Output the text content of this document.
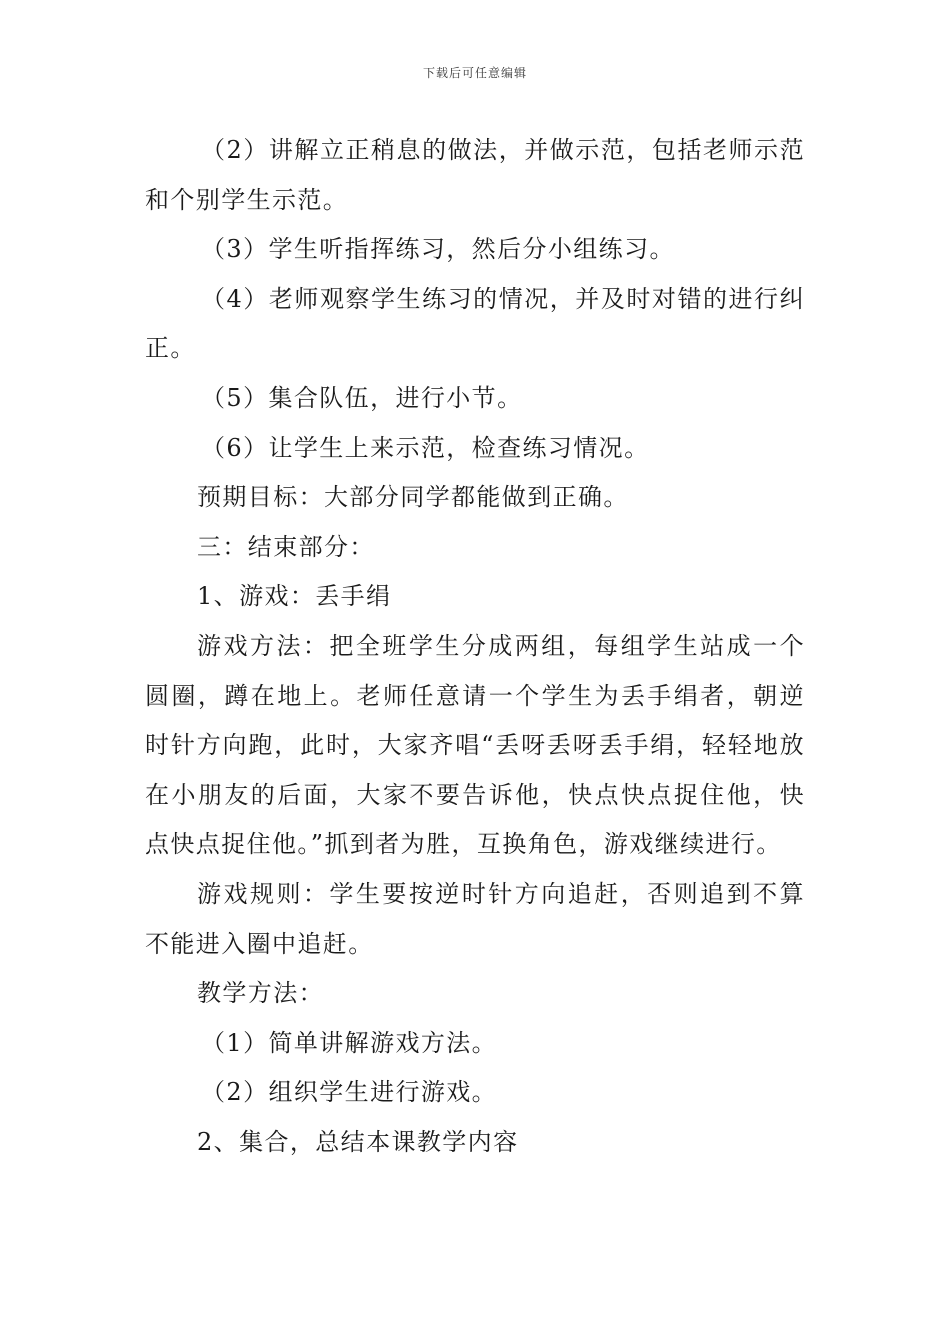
下载后可任意编辑

（2）讲解立正稍息的做法，并做示范，包括老师示范和个别学生示范。

（3）学生听指挥练习，然后分小组练习。

（4）老师观察学生练习的情况，并及时对错的进行纠正。

（5）集合队伍，进行小节。

（6）让学生上来示范，检查练习情况。

预期目标：大部分同学都能做到正确。

三：结束部分：

1、游戏：丢手绢

游戏方法：把全班学生分成两组，每组学生站成一个圆圈，蹲在地上。老师任意请一个学生为丢手绢者，朝逆时针方向跑，此时，大家齐唱“丢呀丢呀丢手绢，轻轻地放在小朋友的后面，大家不要告诉他，快点快点捉住他，快点快点捉住他。”抓到者为胜，互换角色，游戏继续进行。

游戏规则：学生要按逆时针方向追赶，否则追到不算不能进入圈中追赶。

教学方法：

（1）简单讲解游戏方法。

（2）组织学生进行游戏。

2、集合，总结本课教学内容
